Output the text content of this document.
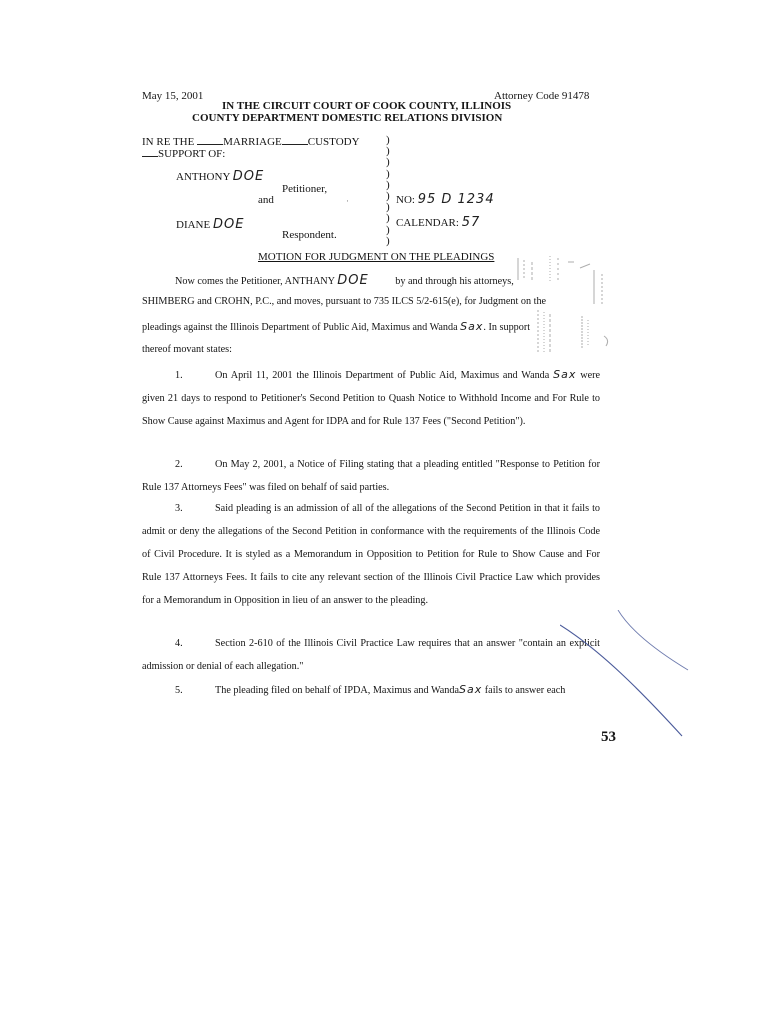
May 15, 2001	Attorney Code 91478
IN THE CIRCUIT COURT OF COOK COUNTY, ILLINOIS
COUNTY DEPARTMENT DOMESTIC RELATIONS DIVISION
IN RE THE	MARRIAGE CUSTODY
SUPPORT OF:
ANTHONY DOE
Petitioner,
and	·
DIANE DOE
Respondent.
)
)
)
)
)
)
)
)
)
)
NO: 95 D 1234
CALENDAR: 57
MOTION FOR JUDGMENT ON THE PLEADINGS
Now comes the Petitioner, ANTHANY DOE	by and through his attorneys,
SHIMBERG and CROHN, P.C., and moves, pursuant to 735 ILCS 5/2-615(e), for Judgment on the
pleadings against the Illinois Department of Public Aid, Maximus and Wanda Sax. In support
thereof movant states:

1.	On April 11, 2001 the Illinois Department of Public Aid, Maximus and Wanda Sax were given 21 days to respond to Petitioner's Second Petition to Quash Notice to Withhold Income and For Rule to Show Cause against Maximus and Agent for IDPA and for Rule 137 Fees ("Second Petition").

2.	On May 2, 2001, a Notice of Filing stating that a pleading entitled "Response to Petition for Rule 137 Attorneys Fees" was filed on behalf of said parties.

3.	Said pleading is an admission of all of the allegations of the Second Petition in that it fails to admit or deny the allegations of the Second Petition in conformance with the requirements of the Illinois Code of Civil Procedure. It is styled as a Memorandum in Opposition to Petition for Rule to Show Cause and For Rule 137 Attorneys Fees. It fails to cite any relevant section of the Illinois Civil Practice Law which provides for a Memorandum in Opposition in lieu of an answer to the pleading.

4.	Section 2-610 of the Illinois Civil Practice Law requires that an answer "contain an explicit admission or denial of each allegation."

5.	The pleading filed on behalf of IPDA, Maximus and WandaSax fails to answer each
53
